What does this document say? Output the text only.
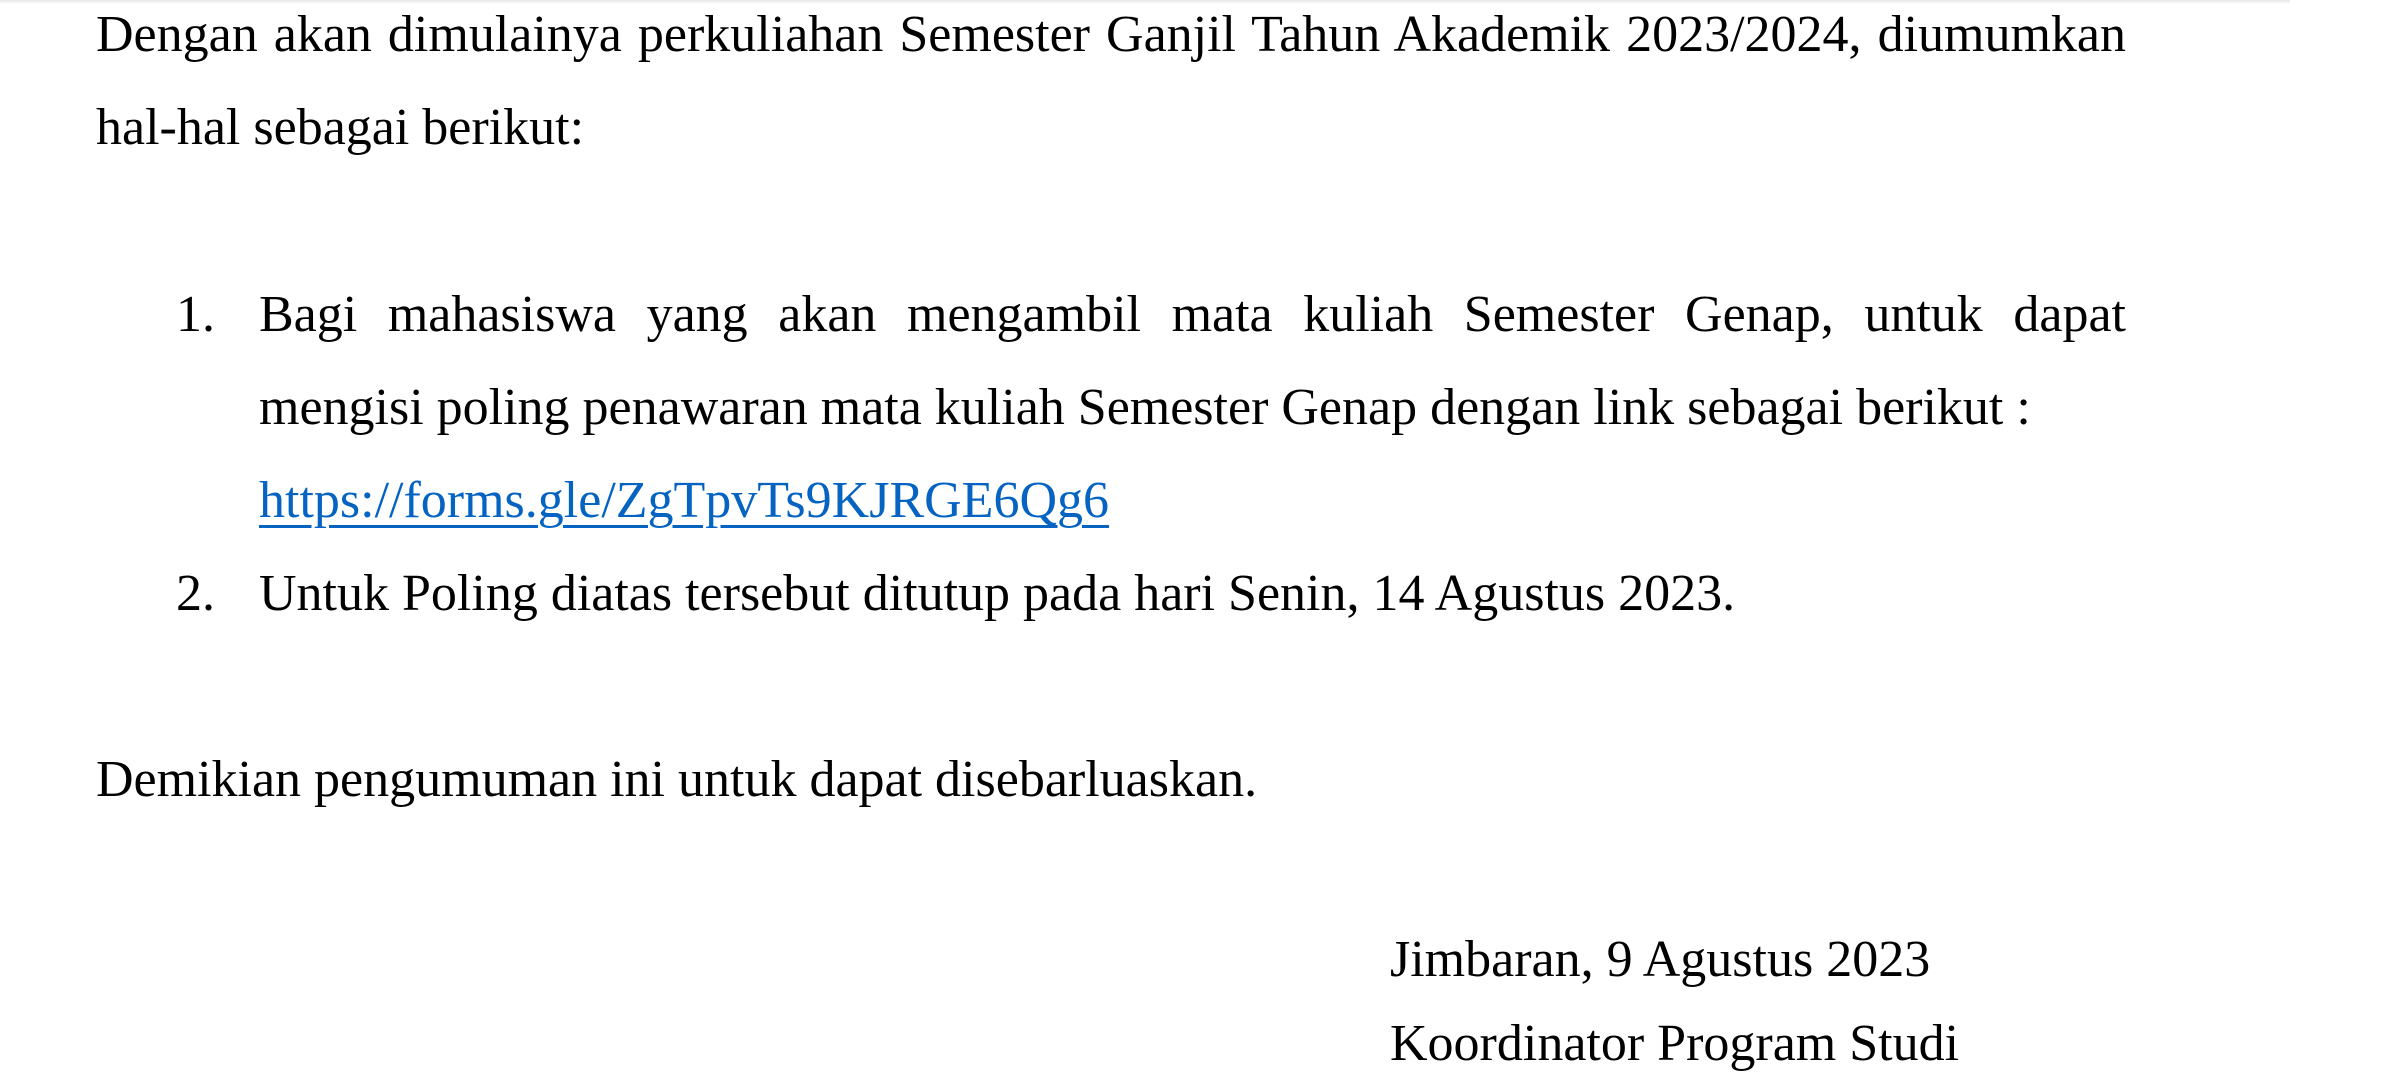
Dengan akan dimulainya perkuliahan Semester Ganjil Tahun Akademik 2023/2024, diumumkan hal-hal sebagai berikut:

1. Bagi mahasiswa yang akan mengambil mata kuliah Semester Genap, untuk dapat mengisi poling penawaran mata kuliah Semester Genap dengan link sebagai berikut :
https://forms.gle/ZgTpvTs9KJRGE6Qg6
2. Untuk Poling diatas tersebut ditutup pada hari Senin, 14 Agustus 2023.

Demikian pengumuman ini untuk dapat disebarluaskan.

Jimbaran, 9 Agustus 2023
Koordinator Program Studi
